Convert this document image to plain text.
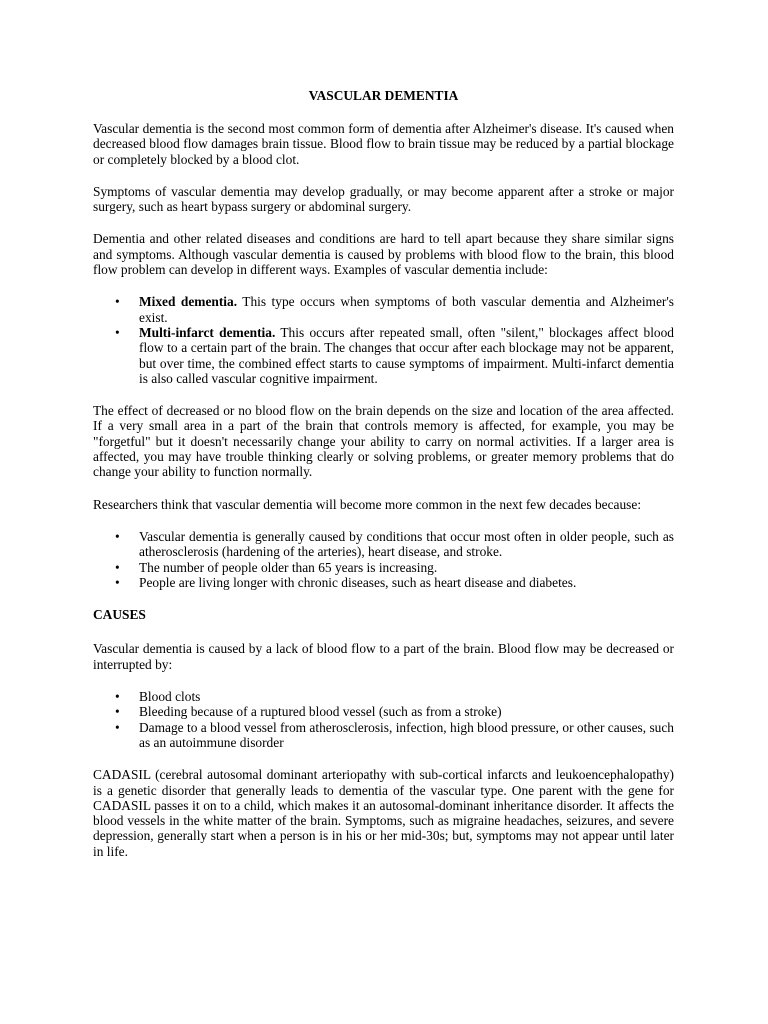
VASCULAR DEMENTIA

Vascular dementia is the second most common form of dementia after Alzheimer's disease. It's caused when decreased blood flow damages brain tissue. Blood flow to brain tissue may be reduced by a partial blockage or completely blocked by a blood clot.

Symptoms of vascular dementia may develop gradually, or may become apparent after a stroke or major surgery, such as heart bypass surgery or abdominal surgery.

Dementia and other related diseases and conditions are hard to tell apart because they share similar signs and symptoms. Although vascular dementia is caused by problems with blood flow to the brain, this blood flow problem can develop in different ways. Examples of vascular dementia include:

• Mixed dementia. This type occurs when symptoms of both vascular dementia and Alzheimer's exist.
• Multi-infarct dementia. This occurs after repeated small, often "silent," blockages affect blood flow to a certain part of the brain. The changes that occur after each blockage may not be apparent, but over time, the combined effect starts to cause symptoms of impairment. Multi-infarct dementia is also called vascular cognitive impairment.

The effect of decreased or no blood flow on the brain depends on the size and location of the area affected. If a very small area in a part of the brain that controls memory is affected, for example, you may be "forgetful" but it doesn't necessarily change your ability to carry on normal activities. If a larger area is affected, you may have trouble thinking clearly or solving problems, or greater memory problems that do change your ability to function normally.

Researchers think that vascular dementia will become more common in the next few decades because:

• Vascular dementia is generally caused by conditions that occur most often in older people, such as atherosclerosis (hardening of the arteries), heart disease, and stroke.
• The number of people older than 65 years is increasing.
• People are living longer with chronic diseases, such as heart disease and diabetes.
CAUSES

Vascular dementia is caused by a lack of blood flow to a part of the brain. Blood flow may be decreased or interrupted by:

• Blood clots
• Bleeding because of a ruptured blood vessel (such as from a stroke)
• Damage to a blood vessel from atherosclerosis, infection, high blood pressure, or other causes, such as an autoimmune disorder

CADASIL (cerebral autosomal dominant arteriopathy with sub-cortical infarcts and leukoencephalopathy) is a genetic disorder that generally leads to dementia of the vascular type. One parent with the gene for CADASIL passes it on to a child, which makes it an autosomal-dominant inheritance disorder. It affects the blood vessels in the white matter of the brain. Symptoms, such as migraine headaches, seizures, and severe depression, generally start when a person is in his or her mid-30s; but, symptoms may not appear until later in life.
